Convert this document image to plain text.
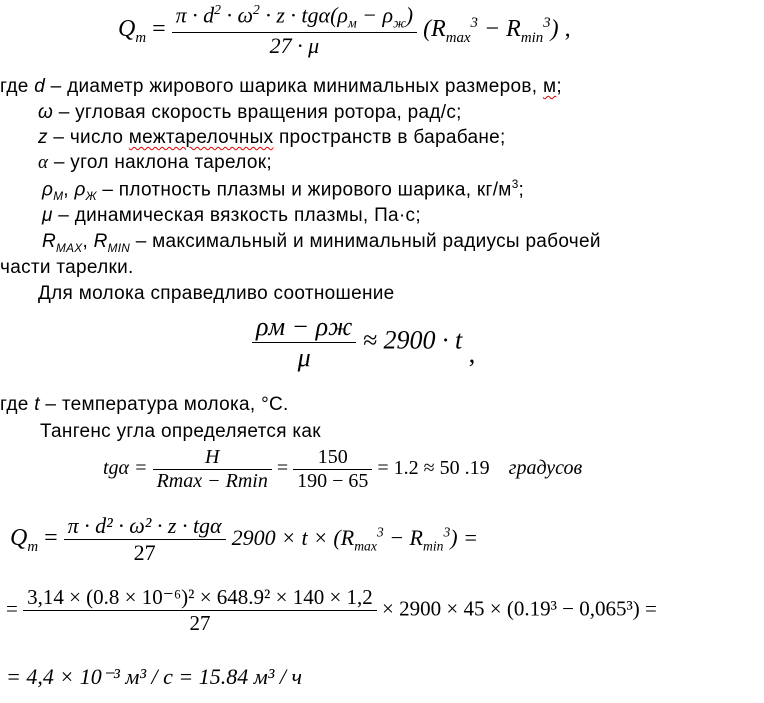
$Q_т = \frac{\pi \cdot d^2 \cdot \omega^2 \cdot z \cdot tg\alpha(\rho_м - \rho_ж)}{27 \cdot \mu} (R_{max}^3 - R_{min}^3)$ ,
где d – диаметр жирового шарика минимальных размеров, м;
ω – угловая скорость вращения ротора, рад/с;
z – число межтарелочных пространств в барабане;
α – угол наклона тарелок;
$\rho_М$, $\rho_Ж$ – плотность плазмы и жирового шарика, $кг/м^3$;
μ – динамическая вязкость плазмы, Па·с;
$R_{MAX}$, $R_{MIN}$ – максимальный и минимальный радиусы рабочей
части тарелки.
Для молока справедливо соотношение
$\frac{\rho м - \rho ж}{\mu} \approx 2900 \cdot t$ ,
где t – температура молока, °С.
Тангенс угла определяется как
$tg\alpha = \frac{H}{Rmax - Rmin} = \frac{150}{190 - 65} = 1.2 \approx 50$ .19 градусов
$Q_т = \frac{\text{π · d² · ω² · z · tgα}}{27} 2900 \times t \times (R_{max}^3 - R_{min}^3)$ =
= $\frac{\text{3,14 × (0.8 × 10⁻⁶)² × 648.9² × 140 × 1,2}}{27} \times 2900 \times 45 \times (0.19^3 - 0,065^3)$ =
= 4,4 × 10⁻³ м³ / с = 15.84 м³ / ч
